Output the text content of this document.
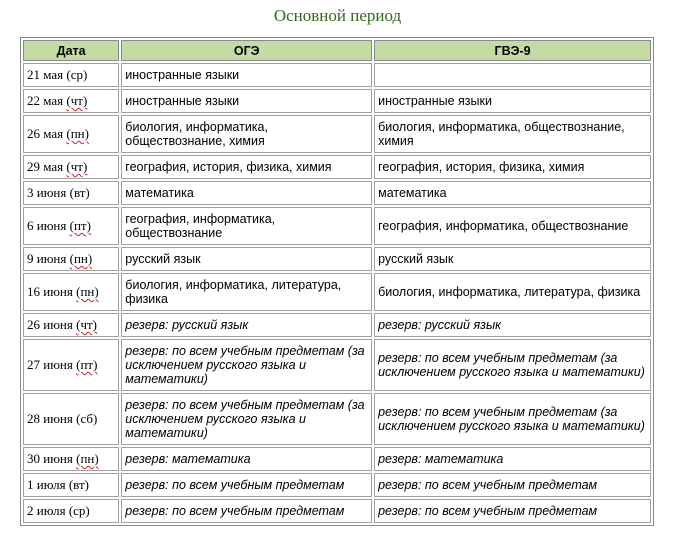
Основной период
Дата	ОГЭ	ГВЭ-9
21 мая (ср)	иностранные языки	
22 мая (чт)	иностранные языки	иностранные языки
26 мая (пн)	биология, информатика, обществознание, химия	биология, информатика, обществознание, химия
29 мая (чт)	география, история, физика, химия	география, история, физика, химия
3 июня (вт)	математика	математика
6 июня (пт)	география, информатика, обществознание	география, информатика, обществознание
9 июня (пн)	русский язык	русский язык
16 июня (пн)	биология, информатика, литература, физика	биология, информатика, литература, физика
26 июня (чт)	резерв: русский язык	резерв: русский язык
27 июня (пт)	резерв: по всем учебным предметам (за исключением русского языка и математики)	резерв: по всем учебным предметам (за исключением русского языка и математики)
28 июня (сб)	резерв: по всем учебным предметам (за исключением русского языка и математики)	резерв: по всем учебным предметам (за исключением русского языка и математики)
30 июня (пн)	резерв: математика	резерв: математика
1 июля (вт)	резерв: по всем учебным предметам	резерв: по всем учебным предметам
2 июля (ср)	резерв: по всем учебным предметам	резерв: по всем учебным предметам
